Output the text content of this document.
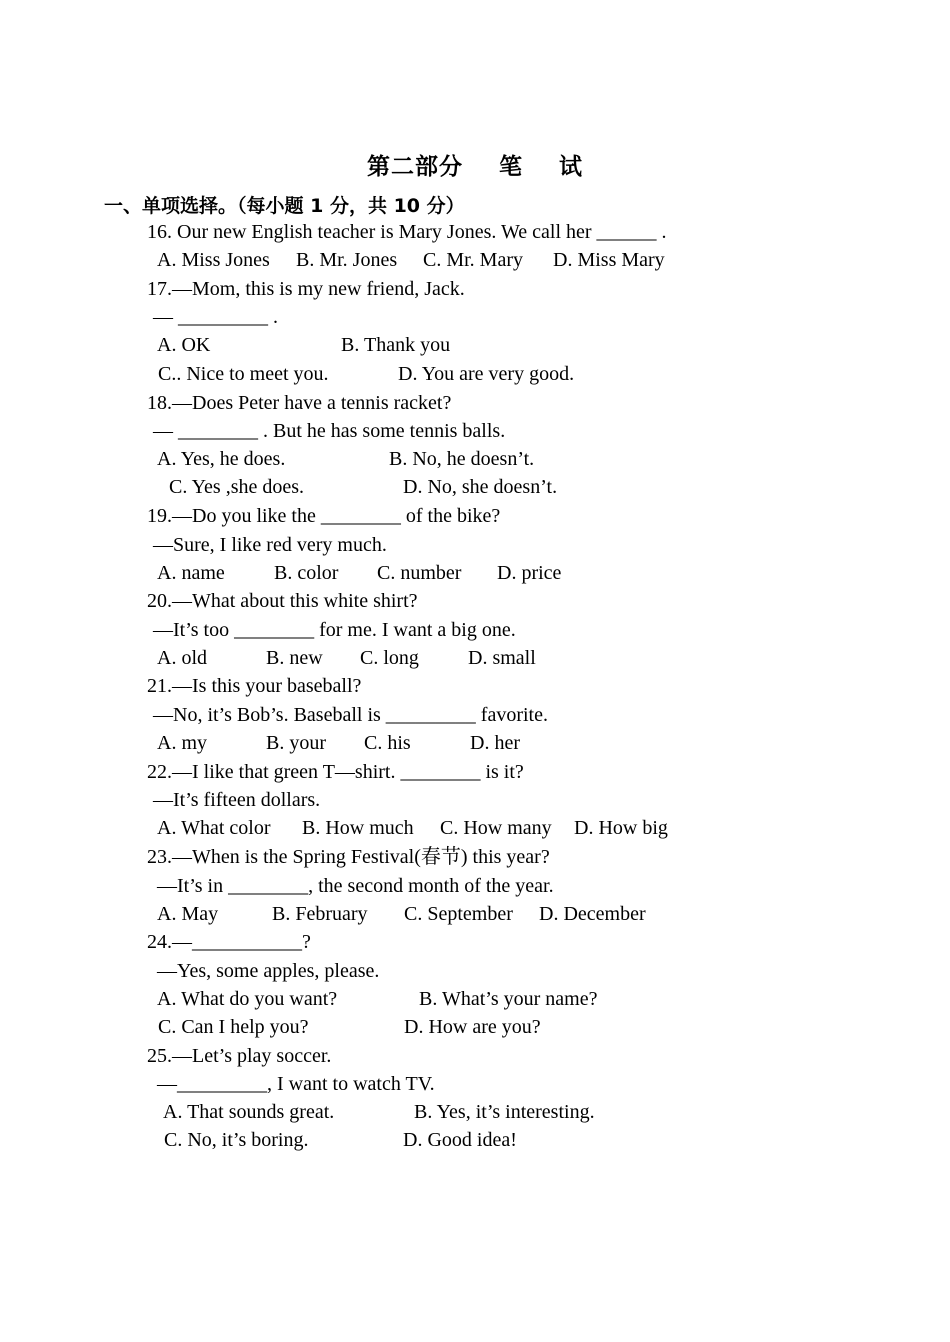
第二部分    笔    试
一、单项选择。（每小题 1 分，共 10 分）
16. Our new English teacher is Mary Jones. We call her ______ .
A. Miss Jones B. Mr. Jones C. Mr. Mary D. Miss Mary
17.—Mom, this is my new friend, Jack.
— _________ .
A. OK	B. Thank you
C.. Nice to meet you.	D. You are very good.
18.—Does Peter have a tennis racket?
— ________ . But he has some tennis balls.
A. Yes, he does.	B. No, he doesn’t.
C. Yes ,she does.	D. No, she doesn’t.
19.—Do you like the ________ of the bike?
—Sure, I like red very much.
A. name B. color C. number D. price
20.—What about this white shirt?
—It’s too ________ for me. I want a big one.
A. old	B. new C. long D. small
21.—Is this your baseball?
—No, it’s Bob’s. Baseball is _________ favorite.
A. my	B. your C. his	D. her
22.—I like that green T—shirt. ________ is it?
—It’s fifteen dollars.
A. What color B. How much C. How many D. How big
23.—When is the Spring Festival(春节) this year?
—It’s in ________, the second month of the year.
A. May	B. February C. September D. December
24.—___________?
—Yes, some apples, please.
A. What do you want?	B. What’s your name?
C. Can I help you?	D. How are you?
25.—Let’s play soccer.
—_________, I want to watch TV.
A. That sounds great.	B. Yes, it’s interesting.
C. No, it’s boring.	D. Good idea!
